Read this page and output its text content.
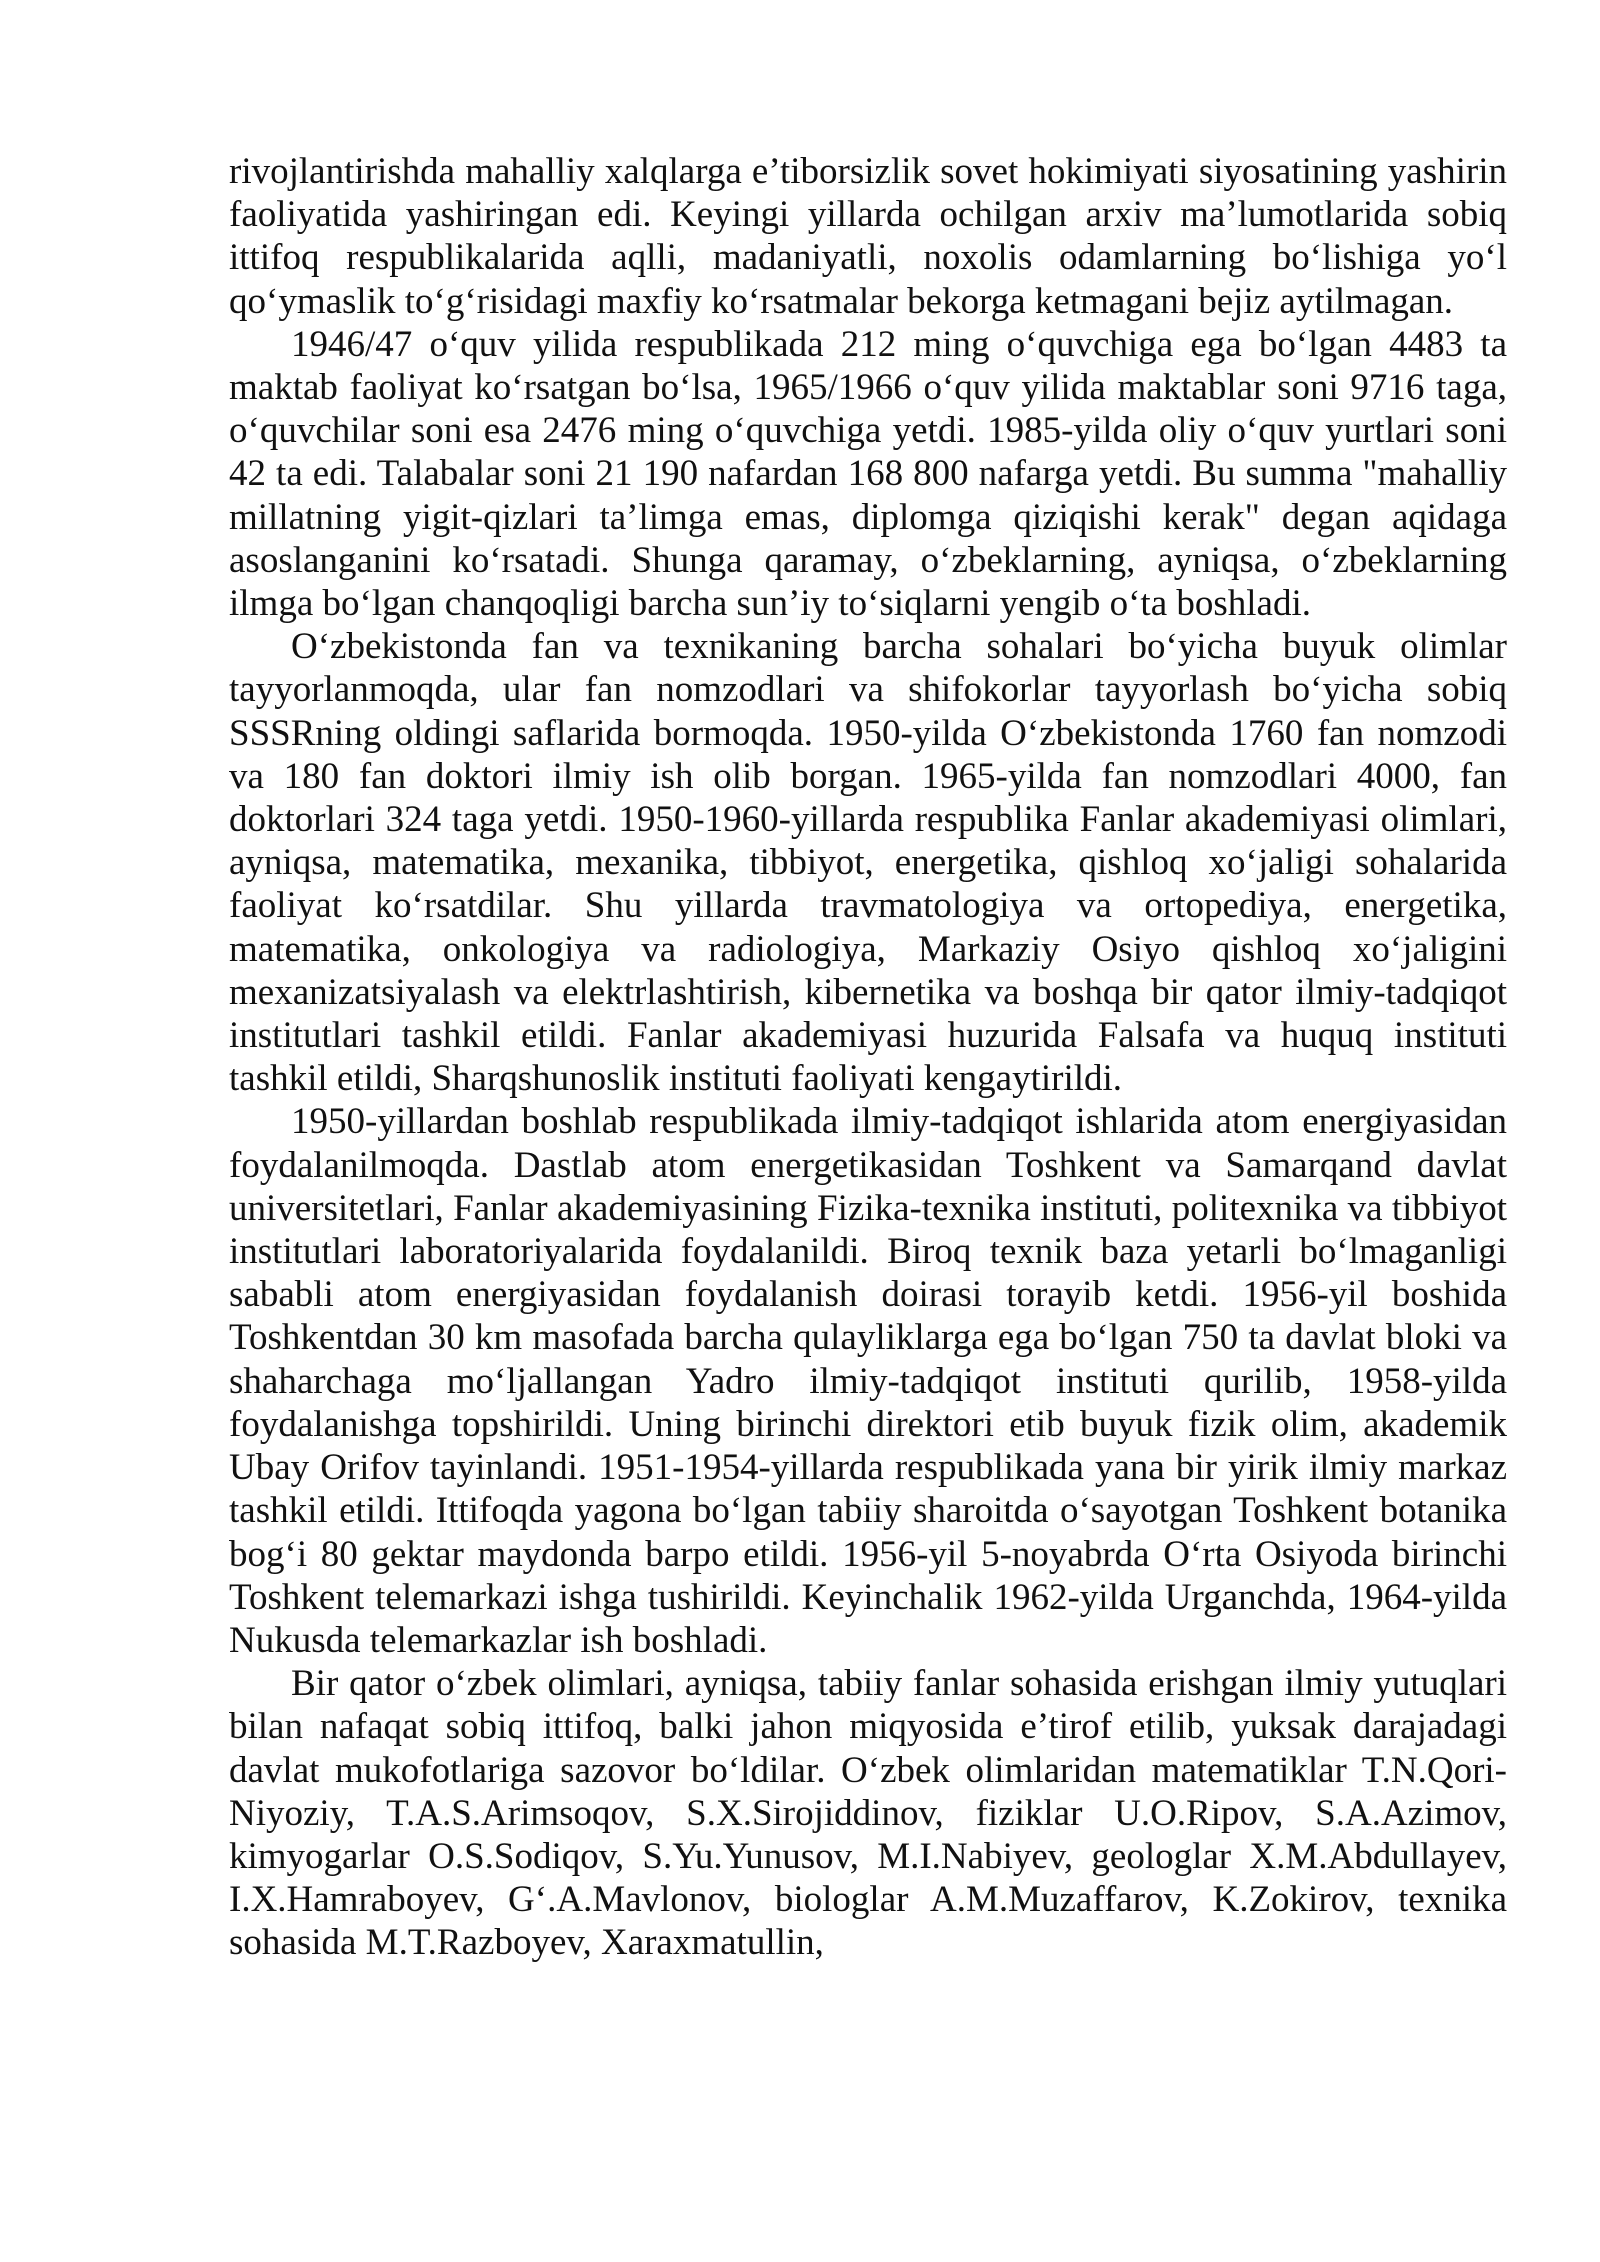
rivojlantirishda mahalliy xalqlarga e’tiborsizlik sovet hokimiyati siyosatining yashirin faoliyatida yashiringan edi. Keyingi yillarda ochilgan arxiv ma’lumotlarida sobiq ittifoq respublikalarida aqlli, madaniyatli, noxolis odamlarning bo‘lishiga yo‘l qo‘ymaslik to‘g‘risidagi maxfiy ko‘rsatmalar bekorga ketmagani bejiz aytilmagan.

1946/47 o‘quv yilida respublikada 212 ming o‘quvchiga ega bo‘lgan 4483 ta maktab faoliyat ko‘rsatgan bo‘lsa, 1965/1966 o‘quv yilida maktablar soni 9716 taga, o‘quvchilar soni esa 2476 ming o‘quvchiga yetdi. 1985-yilda oliy o‘quv yurtlari soni 42 ta edi. Talabalar soni 21 190 nafardan 168 800 nafarga yetdi. Bu summa "mahalliy millatning yigit-qizlari ta’limga emas, diplomga qiziqishi kerak" degan aqidaga asoslanganini ko‘rsatadi. Shunga qaramay, o‘zbeklarning, ayniqsa, o‘zbeklarning ilmga bo‘lgan chanqoqligi barcha sun’iy to‘siqlarni yengib o‘ta boshladi.

O‘zbekistonda fan va texnikaning barcha sohalari bo‘yicha buyuk olimlar tayyorlanmoqda, ular fan nomzodlari va shifokorlar tayyorlash bo‘yicha sobiq SSSRning oldingi saflarida bormoqda. 1950-yilda O‘zbekistonda 1760 fan nomzodi va 180 fan doktori ilmiy ish olib borgan. 1965-yilda fan nomzodlari 4000, fan doktorlari 324 taga yetdi. 1950-1960-yillarda respublika Fanlar akademiyasi olimlari, ayniqsa, matematika, mexanika, tibbiyot, energetika, qishloq xo‘jaligi sohalarida faoliyat ko‘rsatdilar. Shu yillarda travmatologiya va ortopediya, energetika, matematika, onkologiya va radiologiya, Markaziy Osiyo qishloq xo‘jaligini mexanizatsiyalash va elektrlashtirish, kibernetika va boshqa bir qator ilmiy-tadqiqot institutlari tashkil etildi. Fanlar akademiyasi huzurida Falsafa va huquq instituti tashkil etildi, Sharqshunoslik instituti faoliyati kengaytirildi.

1950-yillardan boshlab respublikada ilmiy-tadqiqot ishlarida atom energiyasidan foydalanilmoqda. Dastlab atom energetikasidan Toshkent va Samarqand davlat universitetlari, Fanlar akademiyasining Fizika-texnika instituti, politexnika va tibbiyot institutlari laboratoriyalarida foydalanildi. Biroq texnik baza yetarli bo‘lmaganligi sababli atom energiyasidan foydalanish doirasi torayib ketdi. 1956-yil boshida Toshkentdan 30 km masofada barcha qulayliklarga ega bo‘lgan 750 ta davlat bloki va shaharchaga mo‘ljallangan Yadro ilmiy-tadqiqot instituti qurilib, 1958-yilda foydalanishga topshirildi. Uning birinchi direktori etib buyuk fizik olim, akademik Ubay Orifov tayinlandi. 1951-1954-yillarda respublikada yana bir yirik ilmiy markaz tashkil etildi. Ittifoqda yagona bo‘lgan tabiiy sharoitda o‘sayotgan Toshkent botanika bog‘i 80 gektar maydonda barpo etildi. 1956-yil 5-noyabrda O‘rta Osiyoda birinchi Toshkent telemarkazi ishga tushirildi. Keyinchalik 1962-yilda Urganchda, 1964-yilda Nukusda telemarkazlar ish boshladi.

Bir qator o‘zbek olimlari, ayniqsa, tabiiy fanlar sohasida erishgan ilmiy yutuqlari bilan nafaqat sobiq ittifoq, balki jahon miqyosida e’tirof etilib, yuksak darajadagi davlat mukofotlariga sazovor bo‘ldilar. O‘zbek olimlaridan matematiklar T.N.Qori-Niyoziy, T.A.S.Arimsoqov, S.X.Sirojiddinov, fiziklar U.O.Ripov, S.A.Azimov, kimyogarlar O.S.Sodiqov, S.Yu.Yunusov, M.I.Nabiyev, geologlar X.M.Abdullayev, I.X.Hamraboyev, G‘.A.Mavlonov, biologlar A.M.Muzaffarov, K.Zokirov, texnika sohasida M.T.Razboyev, Xaraxmatullin,
